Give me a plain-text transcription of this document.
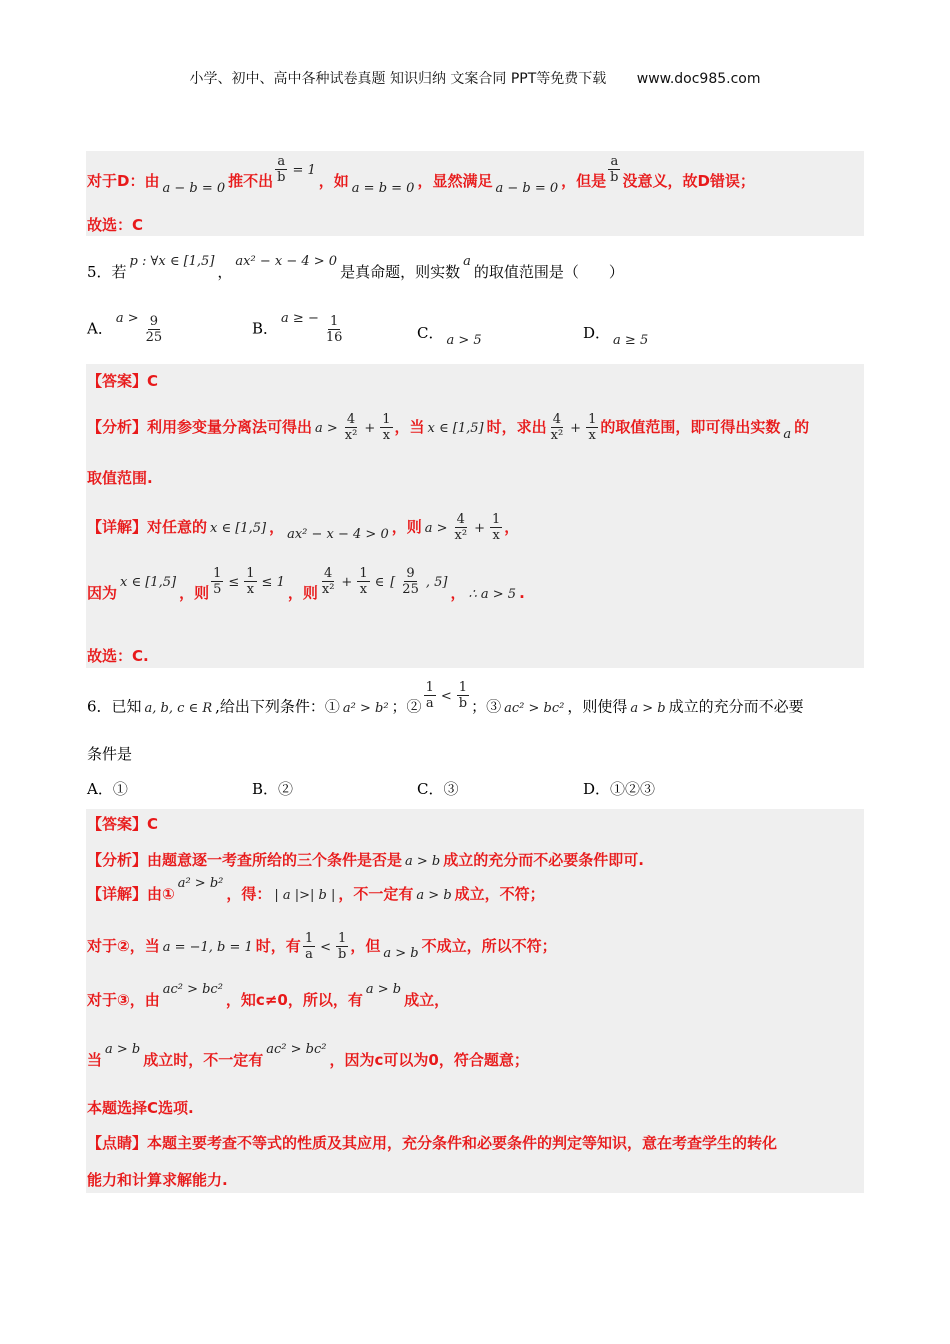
小学、初中、高中各种试卷真题 知识归纳 文案合同 PPT等免费下载 www.doc985.com
对于D：由 a − b = 0 推不出 $\frac{a}{b} = 1$，如 a = b = 0 ，显然满足 a − b = 0 ，但是 $\frac{a}{b}$ 没意义，故D错误；
故选：C
5．若p : ∀x ∈ [1,5]，ax² − x − 4 > 0是真命题，则实数a的取值范围是（　　）
A．$a > \frac{9}{25}$	B．a ≥ − $\frac{1}{16}$	C． a > 5	D． a ≥ 5
【答案】C
【分析】利用参变量分离法可得出 $a > \frac{4}{\text{x²}} + \frac{1}{x}$ ，当 x ∈ [1,5] 时，求出 $\frac{4}{\text{x²}} + \frac{1}{x}$ 的取值范围，即可得出实数 a 的
取值范围.
【详解】对任意的 x ∈ [1,5] ， ax² − x − 4 > 0 ，则 $a > \frac{4}{\text{x²}} + \frac{1}{x}$ ，
因为x ∈ [1,5]，则 $\frac{1}{5} \le \frac{1}{x} \le 1$，则 $\frac{4}{\text{x²}} + \frac{1}{x}$ ∈ [ $\frac{9}{25}$ , 5]， ∴ a > 5 .
故选：C.
6．已知 a, b, c ∈ R ,给出下列条件：① a² > b² ；② $\frac{1}{a} < \frac{1}{b}$ ；③ ac² > bc² ，则使得 a > b 成立的充分而不必要
条件是
A．①	B．②	C．③	D．①②③
【答案】C
【分析】由题意逐一考查所给的三个条件是否是 a > b 成立的充分而不必要条件即可.
【详解】由①a² > b²，得： | a |>| b | ，不一定有 a > b 成立，不符；
对于②，当 a = −1, b = 1 时，有 $\frac{1}{a} < \frac{1}{b}$ ，但 a > b 不成立，所以不符；
对于③，由ac² > bc²，知c≠0，所以，有a > b成立，
当a > b成立时，不一定有ac² > bc²，因为c可以为0，符合题意；
本题选择C选项.
【点睛】本题主要考查不等式的性质及其应用，充分条件和必要条件的判定等知识，意在考查学生的转化
能力和计算求解能力.
